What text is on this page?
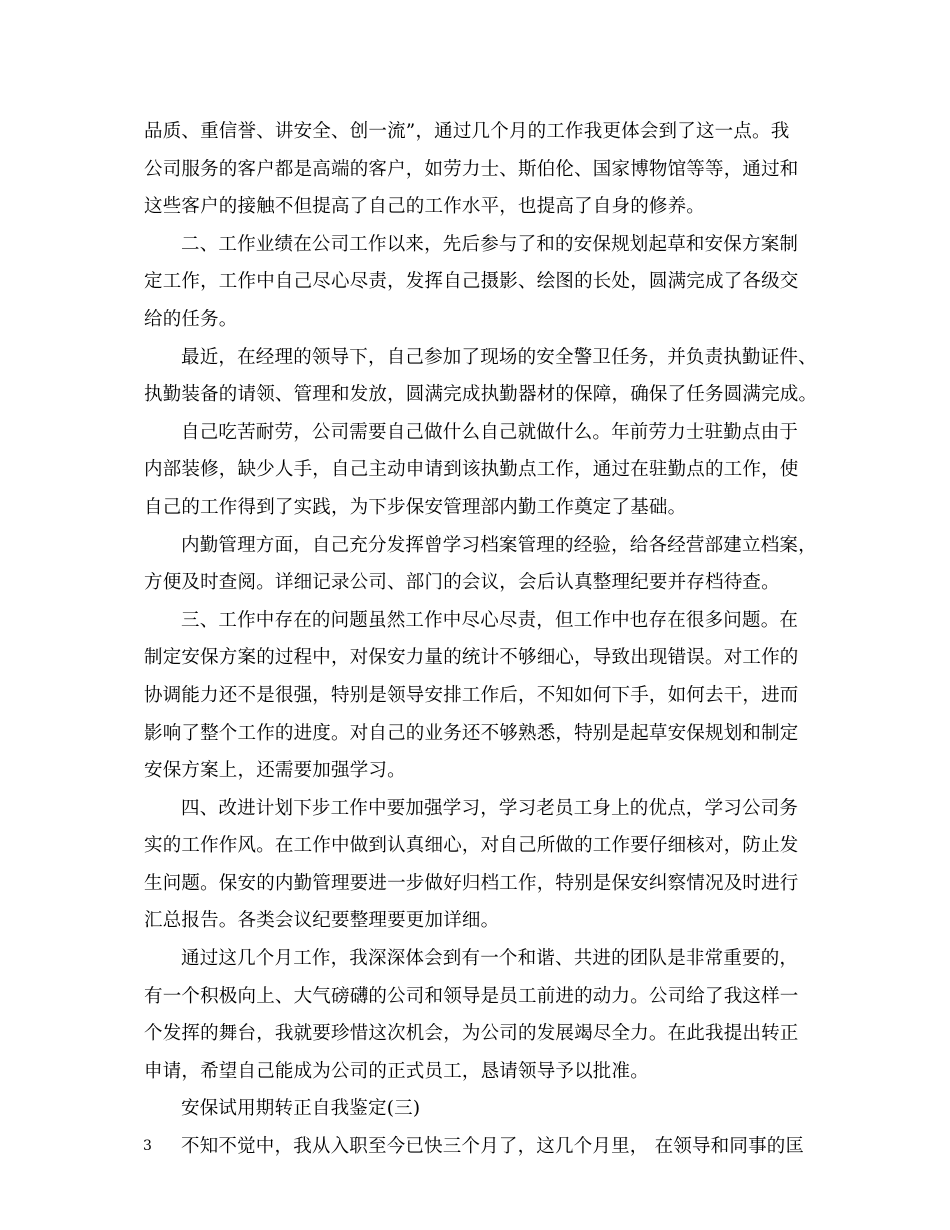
品质、重信誉、讲安全、创一流”，通过几个月的工作我更体会到了这一点。我
公司服务的客户都是高端的客户，如劳力士、斯伯伦、国家博物馆等等，通过和
这些客户的接触不但提高了自己的工作水平，也提高了自身的修养。
二、工作业绩在公司工作以来，先后参与了和的安保规划起草和安保方案制
定工作，工作中自己尽心尽责，发挥自己摄影、绘图的长处，圆满完成了各级交
给的任务。
最近，在经理的领导下，自己参加了现场的安全警卫任务，并负责执勤证件、
执勤装备的请领、管理和发放，圆满完成执勤器材的保障，确保了任务圆满完成。
自己吃苦耐劳，公司需要自己做什么自己就做什么。年前劳力士驻勤点由于
内部装修，缺少人手，自己主动申请到该执勤点工作，通过在驻勤点的工作，使
自己的工作得到了实践，为下步保安管理部内勤工作奠定了基础。
内勤管理方面，自己充分发挥曾学习档案管理的经验，给各经营部建立档案，
方便及时查阅。详细记录公司、部门的会议，会后认真整理纪要并存档待查。
三、工作中存在的问题虽然工作中尽心尽责，但工作中也存在很多问题。在
制定安保方案的过程中，对保安力量的统计不够细心，导致出现错误。对工作的
协调能力还不是很强，特别是领导安排工作后，不知如何下手，如何去干，进而
影响了整个工作的进度。对自己的业务还不够熟悉，特别是起草安保规划和制定
安保方案上，还需要加强学习。
四、改进计划下步工作中要加强学习，学习老员工身上的优点，学习公司务
实的工作作风。在工作中做到认真细心，对自己所做的工作要仔细核对，防止发
生问题。保安的内勤管理要进一步做好归档工作，特别是保安纠察情况及时进行
汇总报告。各类会议纪要整理要更加详细。
通过这几个月工作，我深深体会到有一个和谐、共进的团队是非常重要的，
有一个积极向上、大气磅礴的公司和领导是员工前进的动力。公司给了我这样一
个发挥的舞台，我就要珍惜这次机会，为公司的发展竭尽全力。在此我提出转正
申请，希望自己能成为公司的正式员工，恳请领导予以批准。
安保试用期转正自我鉴定(三)
不知不觉中，我从入职至今已快三个月了，这几个月里， 在领导和同事的匡
3
